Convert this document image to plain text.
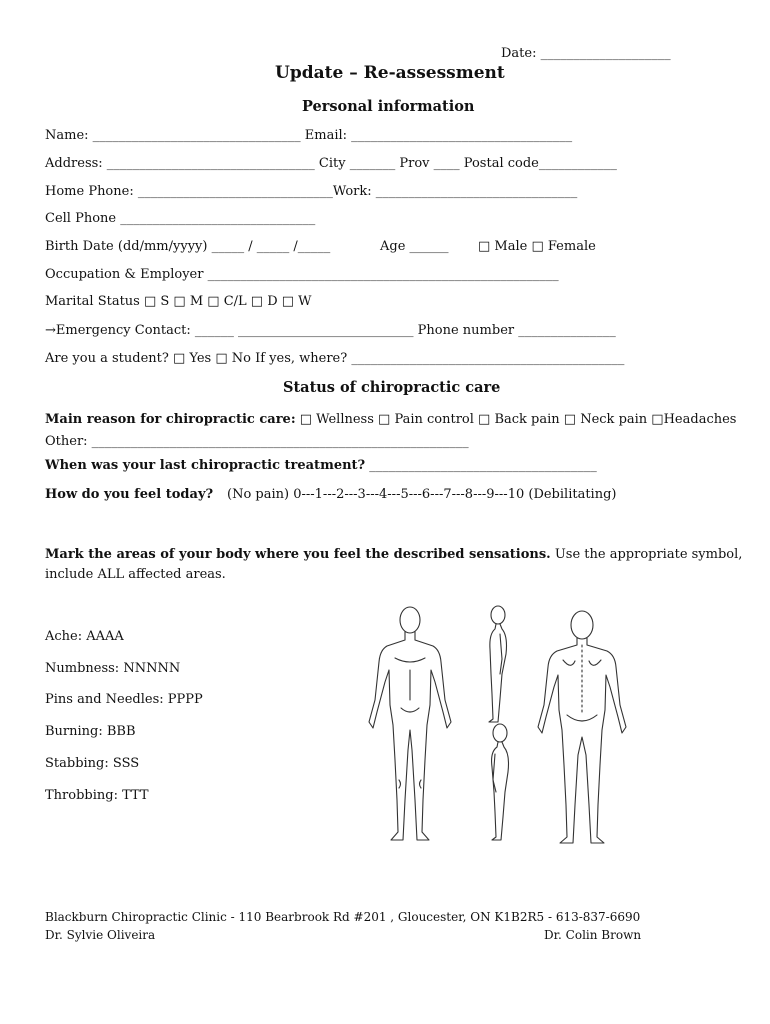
Date: ____________________
Update – Re-assessment
Personal information
Name: ________________________________ Email: __________________________________
Address: ________________________________ City _______ Prov ____ Postal code____________
Home Phone: ______________________________Work: _______________________________
Cell Phone ______________________________
Birth Date (dd/mm/yyyy) _____ / _____ /_____	Age ______ □ Male □ Female
Occupation & Employer ______________________________________________________
Marital Status □ S □ M □ C/L □ D □ W
→Emergency Contact: ______ ___________________________ Phone number _______________
Are you a student? □ Yes □ No If yes, where? __________________________________________
Status of chiropractic care
Main reason for chiropractic care: □ Wellness □ Pain control □ Back pain □ Neck pain □Headaches
Other: __________________________________________________________
When was your last chiropractic treatment? ___________________________________
How do you feel today? (No pain) 0---1---2---3---4---5---6---7---8---9---10 (Debilitating)
Mark the areas of your body where you feel the described sensations. Use the appropriate symbol,
include ALL affected areas.
Ache: AAAA
Numbness: NNNNN
Pins and Needles: PPPP
Burning: BBB
Stabbing: SSS
Throbbing: TTT
Blackburn Chiropractic Clinic - 110 Bearbrook Rd #201 , Gloucester, ON K1B2R5 - 613-837-6690
Dr. Sylvie Oliveira	Dr. Colin Brown
